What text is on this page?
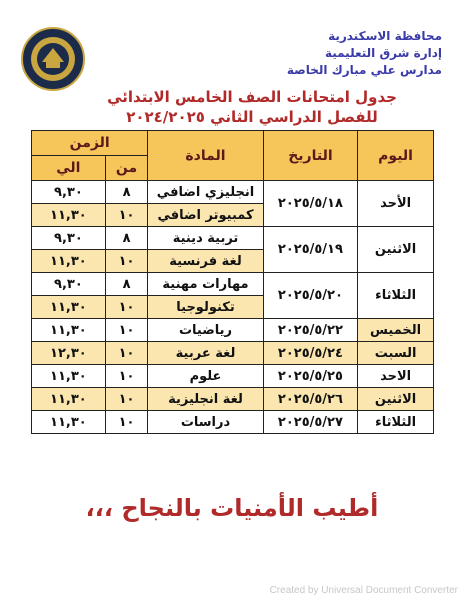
محافظة الاسكندرية
إدارة شرق التعليمية
مدارس علي مبارك الخاصة
جدول امتحانات الصف الخامس الابتدائي
للفصل الدراسي الثاني ٢٠٢٤/٢٠٢٥
اليوم	التاريخ	المادة	الزمن	
			من	الي
الأحد	٢٠٢٥/٥/١٨	انجليزي اضافي	٨	٩,٣٠
		كمبيوتر اضافي	١٠	١١,٣٠
الاثنين	٢٠٢٥/٥/١٩	تربية دينية	٨	٩,٣٠
		لغة فرنسية	١٠	١١,٣٠
الثلاثاء	٢٠٢٥/٥/٢٠	مهارات مهنية	٨	٩,٣٠
		تكنولوجيا	١٠	١١,٣٠
الخميس	٢٠٢٥/٥/٢٢	رياضيات	١٠	١١,٣٠
السبت	٢٠٢٥/٥/٢٤	لغة عربية	١٠	١٢,٣٠
الاحد	٢٠٢٥/٥/٢٥	علوم	١٠	١١,٣٠
الاثنين	٢٠٢٥/٥/٢٦	لغة انجليزية	١٠	١١,٣٠
الثلاثاء	٢٠٢٥/٥/٢٧	دراسات	١٠	١١,٣٠
أطيب الأمنيات بالنجاح ،،،
Created by Universal Document Converter
